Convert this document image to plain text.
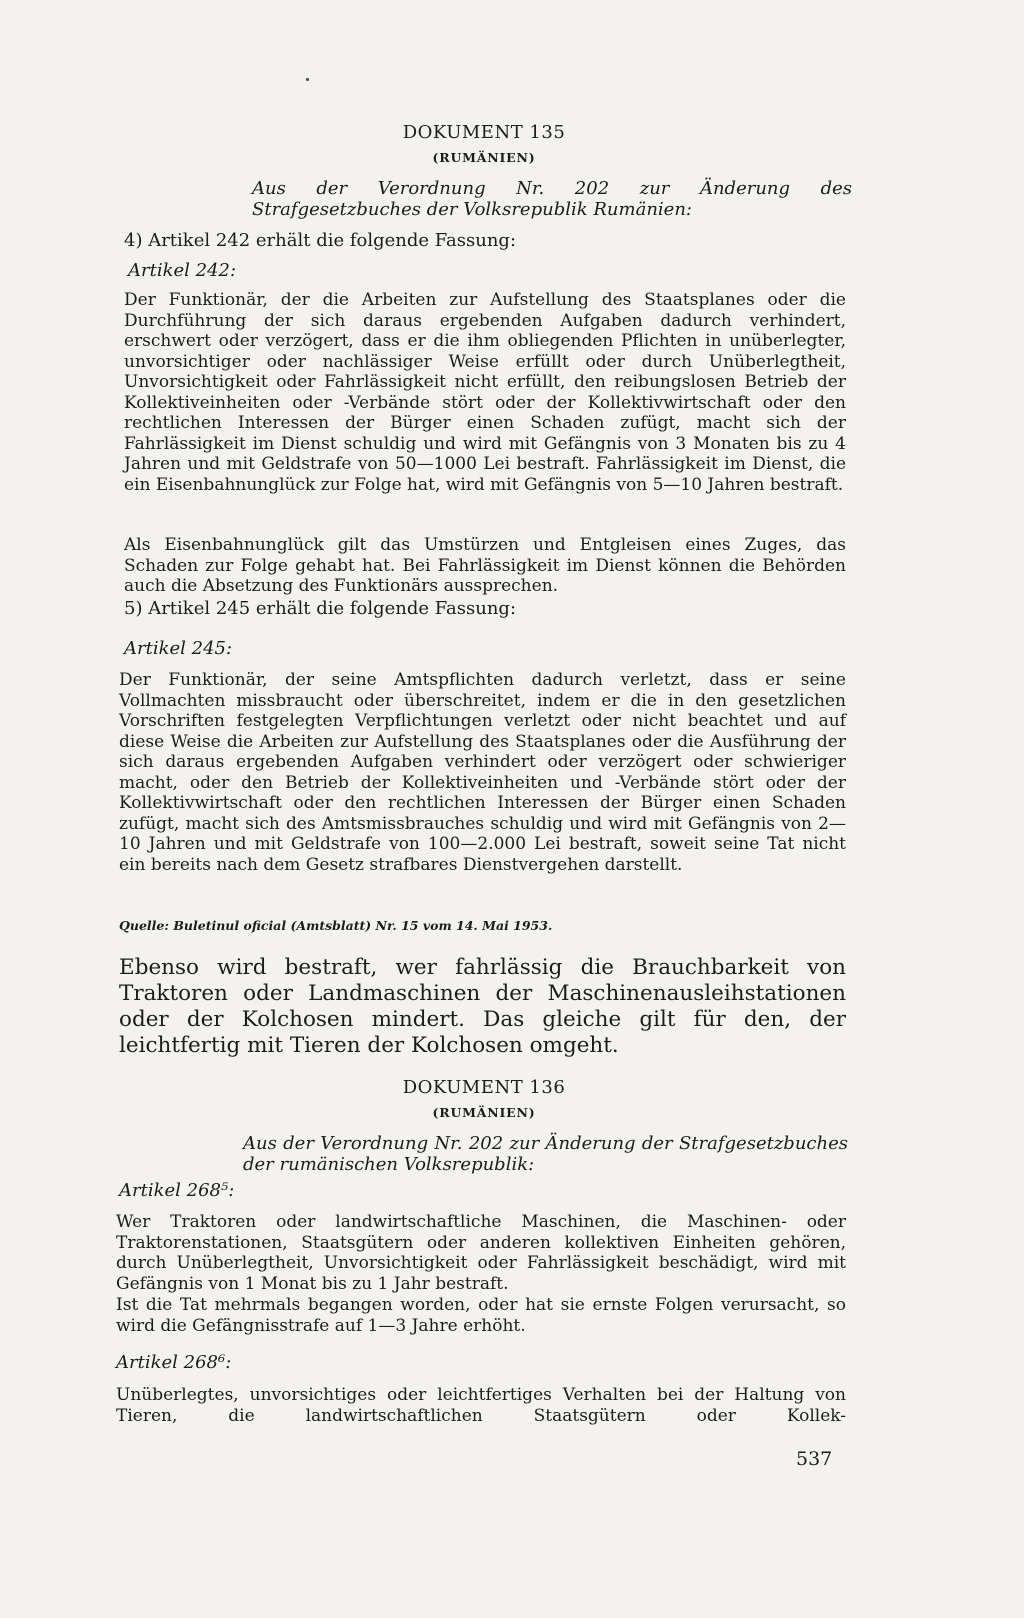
DOKUMENT 135
(RUMÄNIEN)
Aus der Verordnung Nr. 202 zur Änderung des Strafgesetzbuches der Volksrepublik Rumänien:
4) Artikel 242 erhält die folgende Fassung:
Artikel 242:

Der Funktionär, der die Arbeiten zur Aufstellung des Staatsplanes oder die Durchführung der sich daraus ergebenden Aufgaben dadurch verhindert, erschwert oder verzögert, dass er die ihm obliegenden Pflichten in unüberlegter, unvorsichtiger oder nachlässiger Weise erfüllt oder durch Unüberlegtheit, Unvorsichtigkeit oder Fahrlässigkeit nicht erfüllt, den reibungslosen Betrieb der Kollektiveinheiten oder -Verbände stört oder der Kollektivwirtschaft oder den rechtlichen Interessen der Bürger einen Schaden zufügt, macht sich der Fahrlässigkeit im Dienst schuldig und wird mit Gefängnis von 3 Monaten bis zu 4 Jahren und mit Geldstrafe von 50—1000 Lei bestraft. Fahrlässigkeit im Dienst, die ein Eisenbahnunglück zur Folge hat, wird mit Gefängnis von 5—10 Jahren bestraft.

Als Eisenbahnunglück gilt das Umstürzen und Entgleisen eines Zuges, das Schaden zur Folge gehabt hat. Bei Fahrlässigkeit im Dienst können die Behörden auch die Absetzung des Funktionärs aussprechen.

5) Artikel 245 erhält die folgende Fassung:
Artikel 245:

Der Funktionär, der seine Amtspflichten dadurch verletzt, dass er seine Vollmachten missbraucht oder überschreitet, indem er die in den gesetzlichen Vorschriften festgelegten Verpflichtungen verletzt oder nicht beachtet und auf diese Weise die Arbeiten zur Aufstellung des Staatsplanes oder die Ausführung der sich daraus ergebenden Aufgaben verhindert oder verzögert oder schwieriger macht, oder den Betrieb der Kollektiveinheiten und -Verbände stört oder der Kollektivwirtschaft oder den rechtlichen Interessen der Bürger einen Schaden zufügt, macht sich des Amtsmissbrauches schuldig und wird mit Gefängnis von 2—10 Jahren und mit Geldstrafe von 100—2.000 Lei bestraft, soweit seine Tat nicht ein bereits nach dem Gesetz strafbares Dienstvergehen darstellt.

Quelle: Buletinul oficial (Amtsblatt) Nr. 15 vom 14. Mai 1953.

Ebenso wird bestraft, wer fahrlässig die Brauchbarkeit von Traktoren oder Landmaschinen der Maschinenausleihstationen oder der Kolchosen mindert. Das gleiche gilt für den, der leichtfertig mit Tieren der Kolchosen omgeht.

DOKUMENT 136
(RUMÄNIEN)
Aus der Verordnung Nr. 202 zur Änderung der Strafgesetzbuches der rumänischen Volksrepublik:
Artikel 268⁵:

Wer Traktoren oder landwirtschaftliche Maschinen, die Maschinen- oder Traktorenstationen, Staatsgütern oder anderen kollektiven Einheiten gehören, durch Unüberlegtheit, Unvorsichtigkeit oder Fahrlässigkeit beschädigt, wird mit Gefängnis von 1 Monat bis zu 1 Jahr bestraft.

Ist die Tat mehrmals begangen worden, oder hat sie ernste Folgen verursacht, so wird die Gefängnisstrafe auf 1—3 Jahre erhöht.

Artikel 268⁶:

Unüberlegtes, unvorsichtiges oder leichtfertiges Verhalten bei der Haltung von Tieren, die landwirtschaftlichen Staatsgütern oder Kollek-

537
